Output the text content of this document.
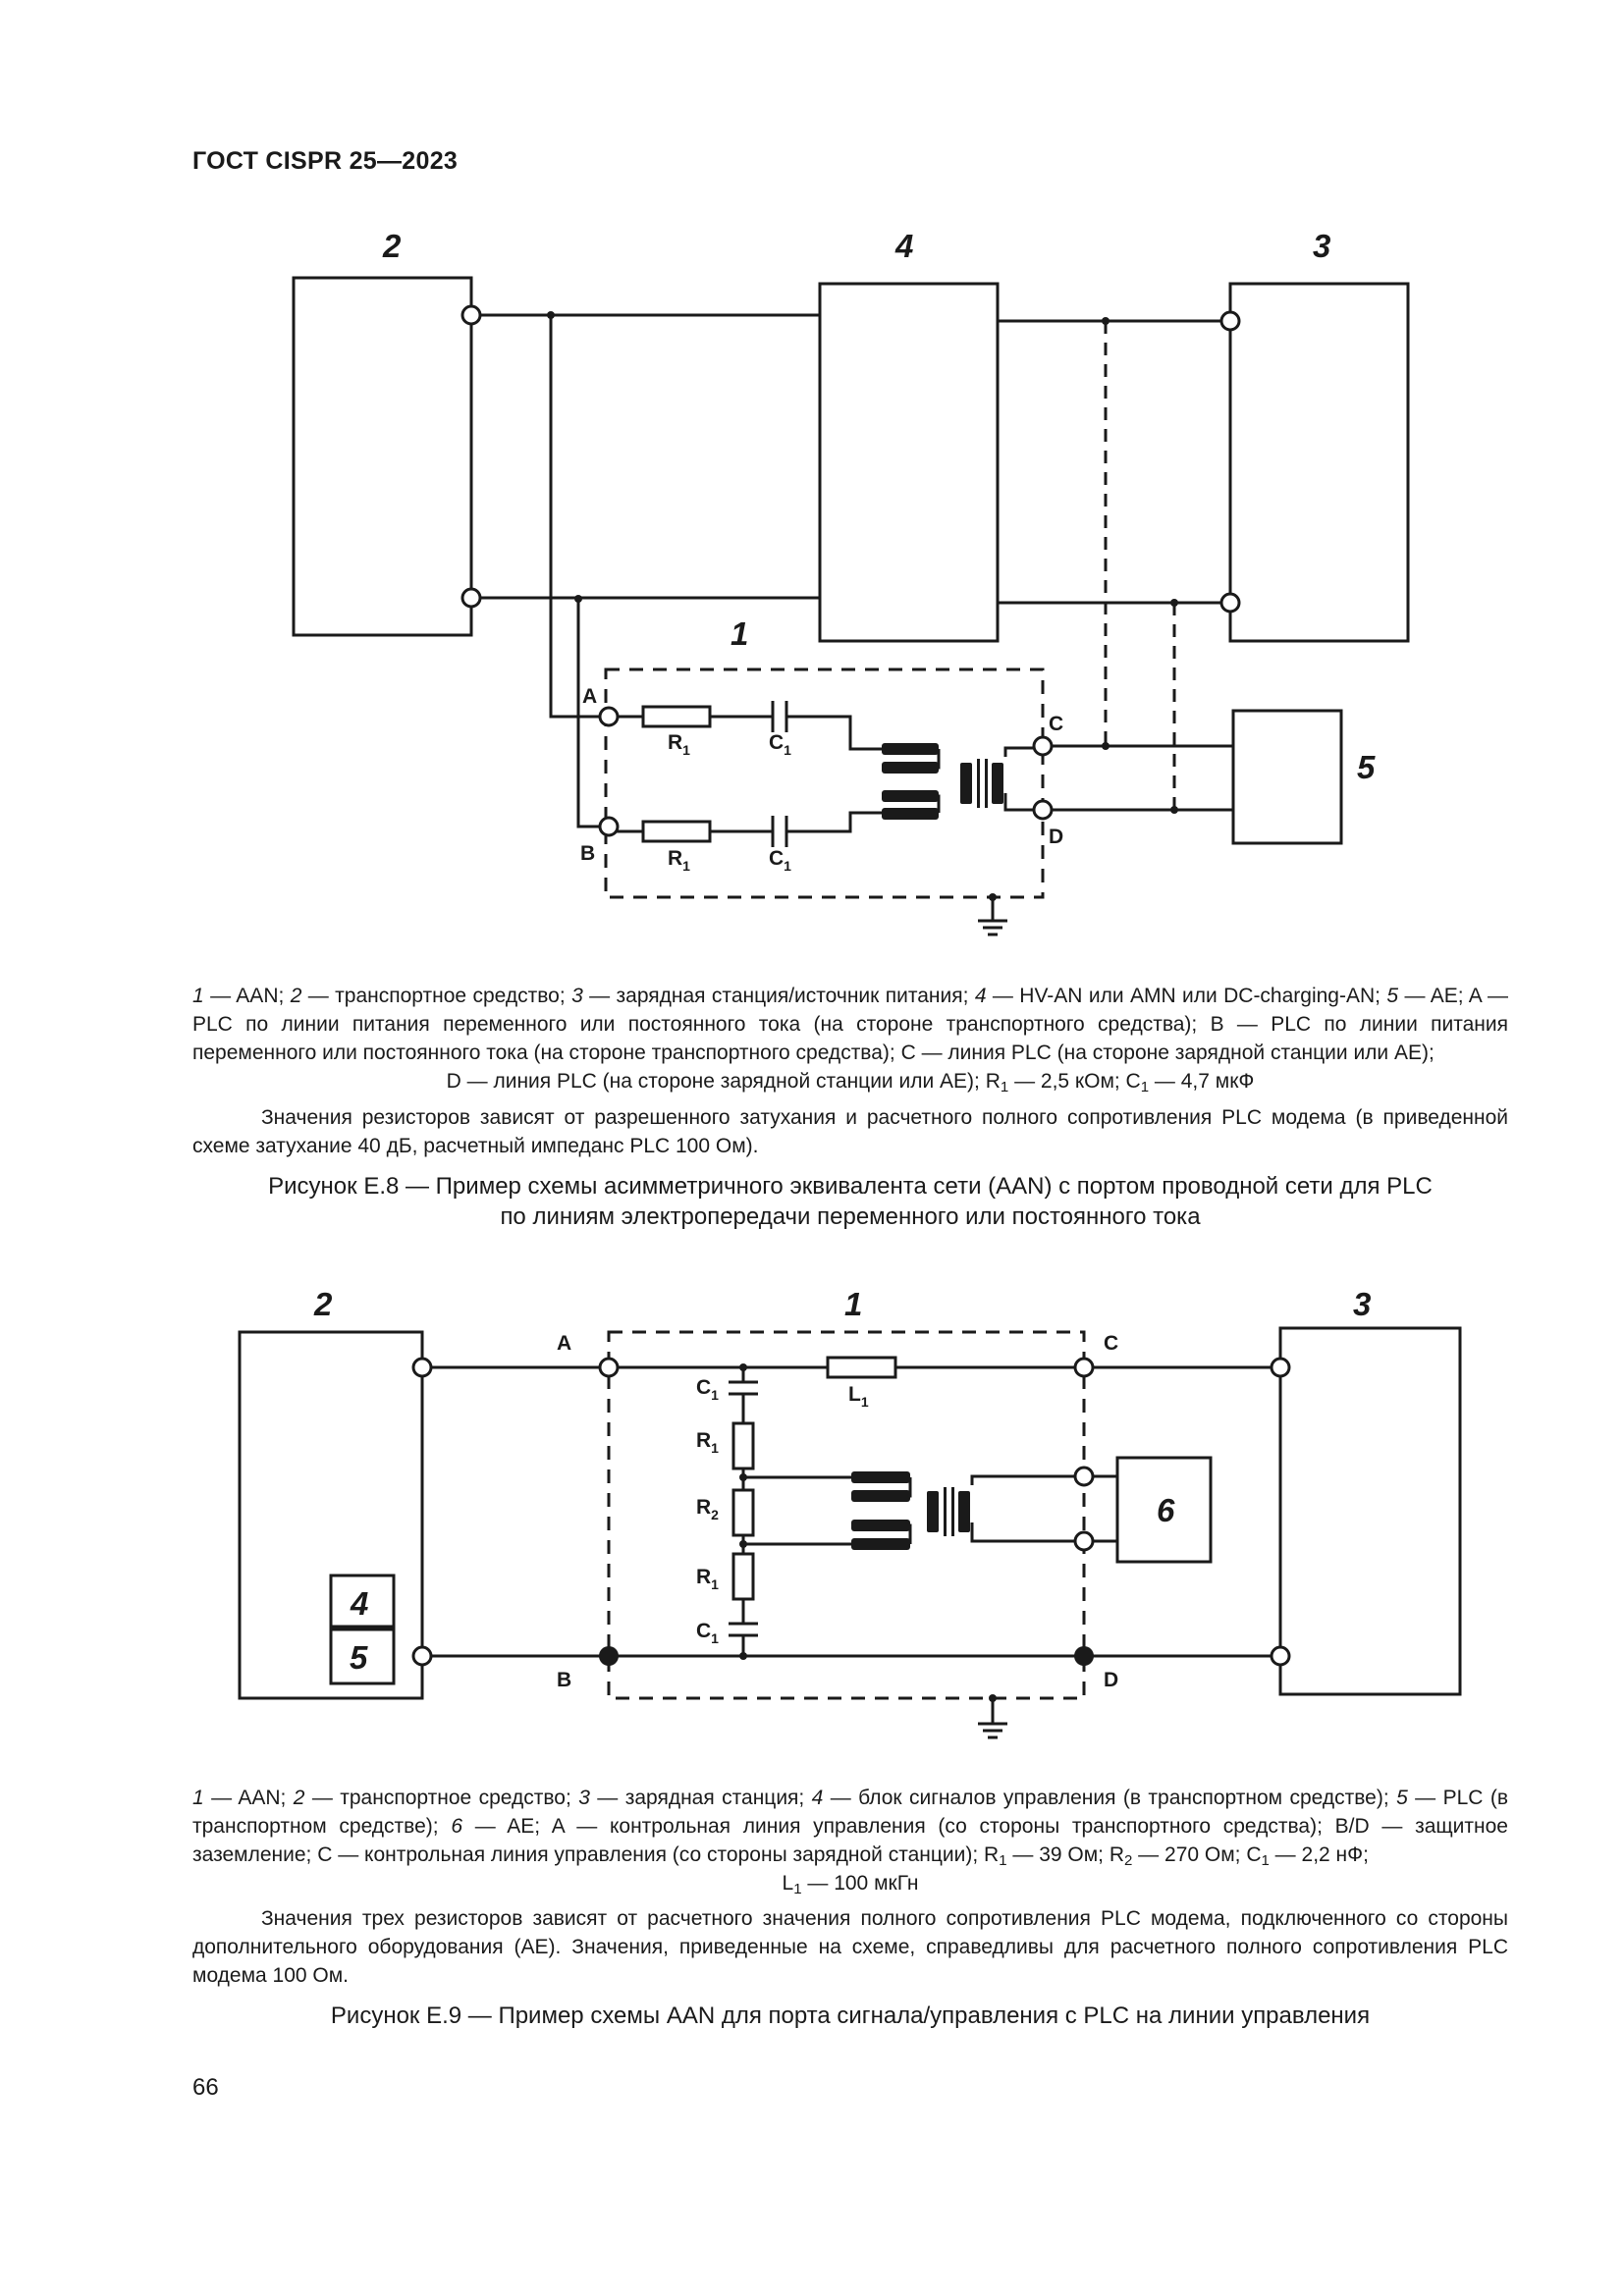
ГОСТ CISPR 25—2023
2	4	3
1
5
A
B
C
D
$R_1$	$C_1$
$R_1$	$C_1$
1 — AAN; 2 — транспортное средство; 3 — зарядная станция/источник питания; 4 — HV-AN или AMN или DC-charging-AN; 5 — AE; A — PLC по линии питания переменного или постоянного тока (на стороне транспортного средства); B — PLC по линии питания переменного или постоянного тока (на стороне транспортного средства); C — линия PLC (на стороне зарядной станции или AE);
D — линия PLC (на стороне зарядной станции или AE); $R_1$ — 2,5 кОм; $C_1$ — 4,7 мкФ
Значения резисторов зависят от разрешенного затухания и расчетного полного сопротивления PLC модема (в приведенной схеме затухание 40 дБ, расчетный импеданс PLC 100 Ом).
Рисунок Е.8 — Пример схемы асимметричного эквивалента сети (AAN) с портом проводной сети для PLC
по линиям электропередачи переменного или постоянного тока
2	1	3
4
5
6
A
B
C
D
$L_1$
$C_1$
$R_1$
$R_2$
$R_1$
$C_1$
1 — AAN; 2 — транспортное средство; 3 — зарядная станция; 4 — блок сигналов управления (в транспортном средстве); 5 — PLC (в транспортном средстве); 6 — AE; A — контрольная линия управления (со стороны транспортного средства); B/D — защитное заземление; C — контрольная линия управления (со стороны зарядной станции); $R_1$ — 39 Ом; $R_2$ — 270 Ом; $C_1$ — 2,2 нФ;
$L_1$ — 100 мкГн
Значения трех резисторов зависят от расчетного значения полного сопротивления PLC модема, подключенного со стороны дополнительного оборудования (AE). Значения, приведенные на схеме, справедливы для расчетного полного сопротивления PLC модема 100 Ом.
Рисунок Е.9 — Пример схемы AAN для порта сигнала/управления с PLC на линии управления
66
